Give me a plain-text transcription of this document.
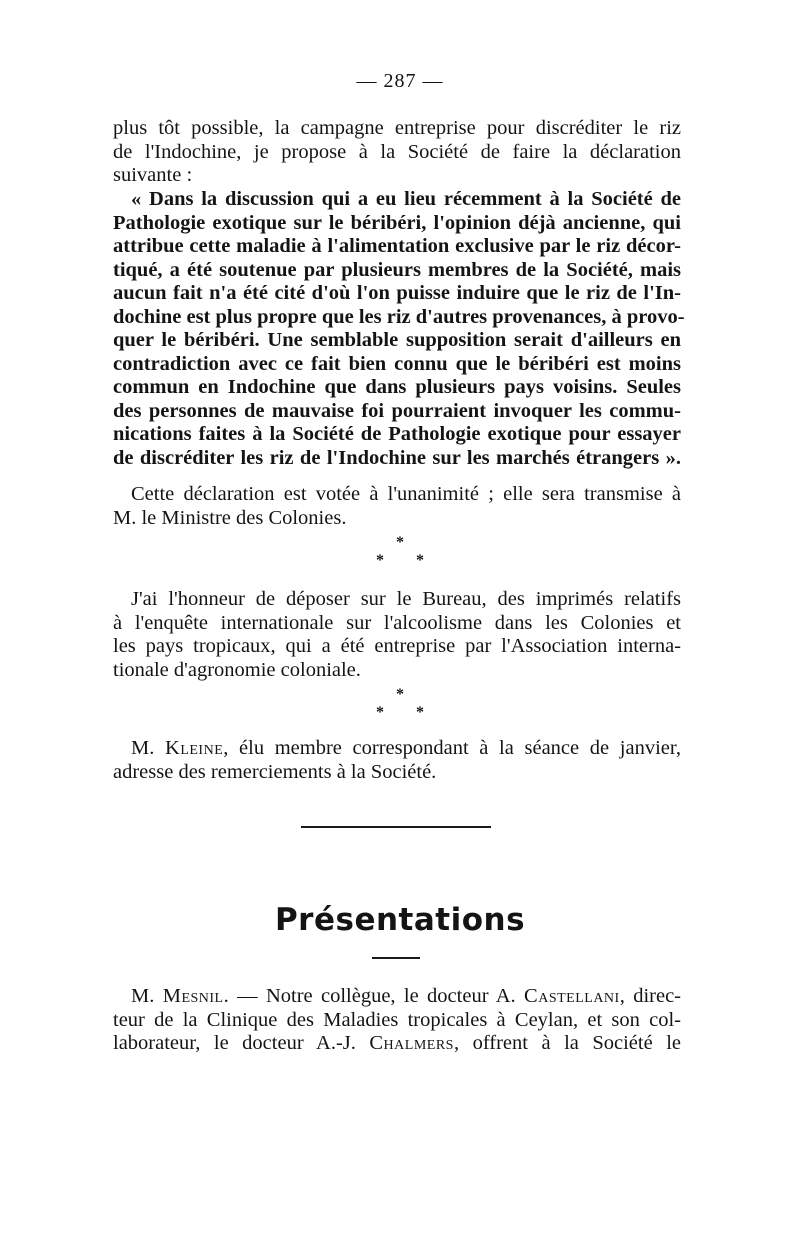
— 287 —
plus tôt possible, la campagne entreprise pour discréditer le riz
de l'Indochine, je propose à la Société de faire la déclaration
suivante :
« Dans la discussion qui a eu lieu récemment à la Société de
Pathologie exotique sur le béribéri, l'opinion déjà ancienne, qui
attribue cette maladie à l'alimentation exclusive par le riz décor-
tiqué, a été soutenue par plusieurs membres de la Société, mais
aucun fait n'a été cité d'où l'on puisse induire que le riz de l'In-
dochine est plus propre que les riz d'autres provenances, à provo-
quer le béribéri. Une semblable supposition serait d'ailleurs en
contradiction avec ce fait bien connu que le béribéri est moins
commun en Indochine que dans plusieurs pays voisins. Seules
des personnes de mauvaise foi pourraient invoquer les commu-
nications faites à la Société de Pathologie exotique pour essayer
de discréditer les riz de l'Indochine sur les marchés étrangers ».
Cette déclaration est votée à l'unanimité ; elle sera transmise à
M. le Ministre des Colonies.
*
* *
J'ai l'honneur de déposer sur le Bureau, des imprimés relatifs
à l'enquête internationale sur l'alcoolisme dans les Colonies et
les pays tropicaux, qui a été entreprise par l'Association interna-
tionale d'agronomie coloniale.
*
* *
M. Kleine, élu membre correspondant à la séance de janvier,
adresse des remerciements à la Société.
Présentations
M. Mesnil. — Notre collègue, le docteur A. Castellani, direc-
teur de la Clinique des Maladies tropicales à Ceylan, et son col-
laborateur, le docteur A.-J. Chalmers, offrent à la Société le
